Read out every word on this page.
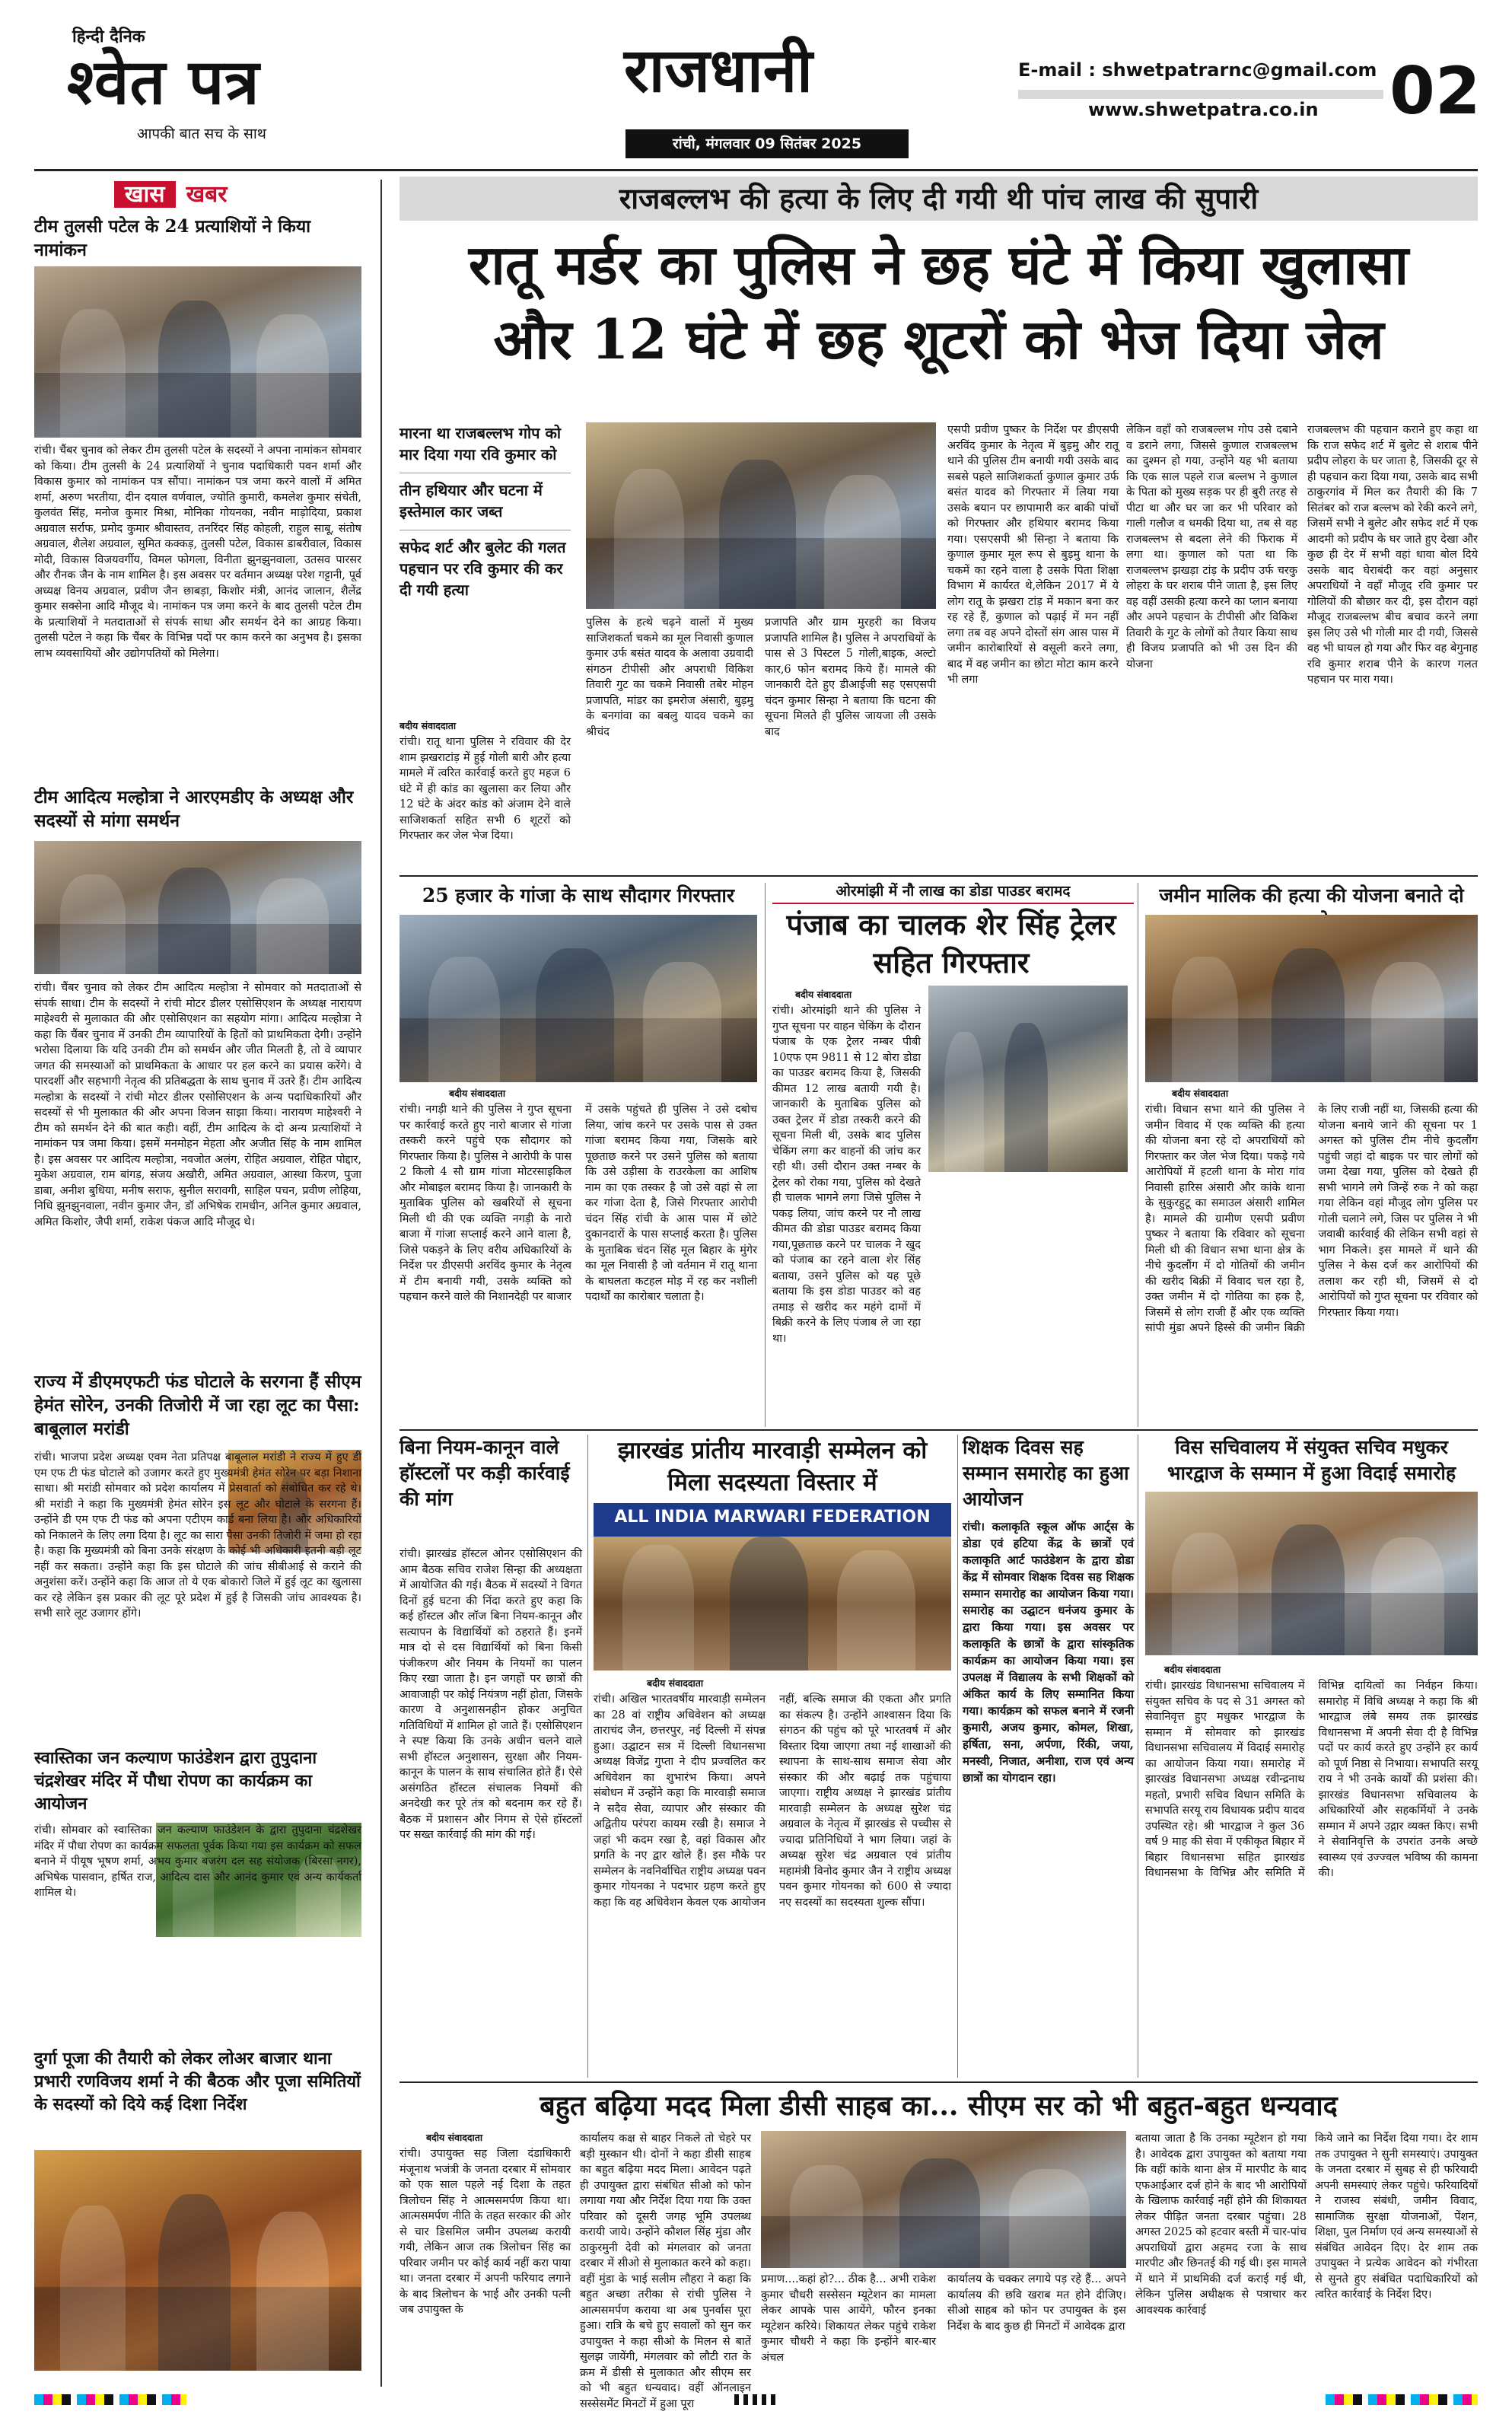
हिन्दी दैनिक
श्वेत पत्र
आपकी बात सच के साथ
राजधानी
रांची, मंगलवार 09 सितंबर 2025
E-mail : shwetpatrarnc@gmail.com
www.shwetpatra.co.in 02
खास खबर
टीम तुलसी पटेल के 24 प्रत्याशियों ने किया नामांकन
रांची। चैंबर चुनाव को लेकर टीम तुलसी पटेल के सदस्यों ने अपना नामांकन सोमवार को किया। टीम तुलसी के 24 प्रत्याशियों ने चुनाव पदाधिकारी पवन शर्मा और विकास कुमार को नामांकन पत्र सौंपा। नामांकन पत्र जमा करने वालों में अमित शर्मा, अरुण भरतीया, दीन दयाल वर्णवाल, ज्योति कुमारी, कमलेश कुमार संचेती, कुलवंत सिंह, मनोज कुमार मिश्रा, मोनिका गोयनका, नवीन माड़ोदिया, प्रकाश अग्रवाल सर्राफ, प्रमोद कुमार श्रीवास्तव, तनरिंदर सिंह कोहली, राहुल साबू, संतोष अग्रवाल, शैलेश अग्रवाल, सुमित कक्कड़, तुलसी पटेल, विकास डाबरीवाल, विकास मोदी, विकास विजयवर्गीय, विमल फोगला, विनीता झुनझुनवाला, उतसव पारसर और रौनक जैन के नाम शामिल है। इस अवसर पर वर्तमान अध्यक्ष परेश गट्टानी, पूर्व अध्यक्ष विनय अग्रवाल, प्रवीण जैन छाबड़ा, किशोर मंत्री, आनंद जालान, शैलेंद्र कुमार सक्सेना आदि मौजूद थे। नामांकन पत्र जमा करने के बाद तुलसी पटेल टीम के प्रत्याशियों ने मतदाताओं से संपर्क साधा और समर्थन देने का आग्रह किया। तुलसी पटेल ने कहा कि चैंबर के विभिन्न पदों पर काम करने का अनुभव है। इसका लाभ व्यवसायियों और उद्योगपतियों को मिलेगा।
टीम आदित्य मल्होत्रा ने आरएमडीए के अध्यक्ष और सदस्यों से मांगा समर्थन
रांची। चैंबर चुनाव को लेकर टीम आदित्य मल्होत्रा ने सोमवार को मतदाताओं से संपर्क साधा। टीम के सदस्यों ने रांची मोटर डीलर एसोसिएशन के अध्यक्ष नारायण माहेश्वरी से मुलाकात की और एसोसिएशन का सहयोग मांगा। आदित्य मल्होत्रा ने कहा कि चैंबर चुनाव में उनकी टीम व्यापारियों के हितों को प्राथमिकता देगी। उन्होंने भरोसा दिलाया कि यदि उनकी टीम को समर्थन और जीत मिलती है, तो वे व्यापार जगत की समस्याओं को प्राथमिकता के आधार पर हल करने का प्रयास करेंगे। वे पारदर्शी और सहभागी नेतृत्व की प्रतिबद्धता के साथ चुनाव में उतरे हैं। टीम आदित्य मल्होत्रा के सदस्यों ने रांची मोटर डीलर एसोसिएशन के अन्य पदाधिकारियों और सदस्यों से भी मुलाकात की और अपना विजन साझा किया। नारायण माहेश्वरी ने टीम को समर्थन देने की बात कही। वहीं, टीम आदित्य के दो अन्य प्रत्याशियों ने नामांकन पत्र जमा किया। इसमें मनमोहन मेहता और अजीत सिंह के नाम शामिल है। इस अवसर पर आदित्य मल्होत्रा, नवजोत अलंग, रोहित अग्रवाल, रोहित पोद्दार, मुकेश अग्रवाल, राम बांगड़, संजय अखौरी, अमित अग्रवाल, आस्था किरण, पुजा डाबा, अनीश बुधिया, मनीष सराफ, सुनील सरावगी, साहिल पचन, प्रवीण लोहिया, निधि झुनझुनवाला, नवीन कुमार जैन, डॉ अभिषेक रामधीन, अनिल कुमार अग्रवाल, अमित किशोर, जैपी शर्मा, राकेश पंकज आदि मौजूद थे।
राज्य में डीएमएफटी फंड घोटाले के सरगना हैं सीएम हेमंत सोरेन, उनकी तिजोरी में जा रहा लूट का पैसा: बाबूलाल मरांडी
रांची। भाजपा प्रदेश अध्यक्ष एवम नेता प्रतिपक्ष बाबूलाल मरांडी ने राज्य में हुए डी एम एफ टी फंड घोटाले को उजागर करते हुए मुख्यमंत्री हेमंत सोरेन पर बड़ा निशाना साधा। श्री मरांडी सोमवार को प्रदेश कार्यालय में प्रेसवार्ता को संबोधित कर रहे थे। श्री मरांडी ने कहा कि मुख्यमंत्री हेमंत सोरेन इस लूट और घोटाले के सरगना हैं। उन्होंने डी एम एफ टी फंड को अपना एटीएम कार्ड बना लिया है। और अधिकारियों को निकालने के लिए लगा दिया है। लूट का सारा पैसा उनकी तिजोरी में जमा हो रहा है। कहा कि मुख्यमंत्री को बिना उनके संरक्षण के कोई भी अधिकारी इतनी बड़ी लूट नहीं कर सकता। उन्होंने कहा कि इस घोटाले की जांच सीबीआई से कराने की अनुशंसा करें। उन्होंने कहा कि आज तो ये एक बोकारो जिले में हुई लूट का खुलासा कर रहे लेकिन इस प्रकार की लूट पूरे प्रदेश में हुई है जिसकी जांच आवश्यक है। सभी सारे लूट उजागर होंगे।
स्वास्तिका जन कल्याण फाउंडेशन द्वारा तुपुदाना चंद्रशेखर मंदिर में पौधा रोपण का कार्यक्रम का आयोजन
रांची। सोमवार को स्वास्तिका जन कल्याण फाउंडेशन के द्वारा तुपुदाना चंद्रशेखर मंदिर में पौधा रोपण का कार्यक्रम सफलता पूर्वक किया गया इस कार्यक्रम को सफल बनाने में पीयूष भूषण शर्मा, अभय कुमार बजरंग दल सह संयोजक (बिरसा नगर), अभिषेक पासवान, हर्षित राज, आदित्य दास और आनंद कुमार एवं अन्य कार्यकर्ता शामिल थे।
दुर्गा पूजा की तैयारी को लेकर लोअर बाजार थाना प्रभारी रणविजय शर्मा ने की बैठक और पूजा समितियों के सदस्यों को दिये कई दिशा निर्देश
राजबल्लभ की हत्या के लिए दी गयी थी पांच लाख की सुपारी
रातू मर्डर का पुलिस ने छह घंटे में किया खुलासा
और 12 घंटे में छह शूटरों को भेज दिया जेल
मारना था राजबल्लभ गोप को मार दिया गया रवि कुमार को
तीन हथियार और घटना में इस्तेमाल कार जब्त
सफेद शर्ट और बुलेट की गलत पहचान पर रवि कुमार की कर दी गयी हत्या
बदीय संवाददाता
रांची। रातू थाना पुलिस ने रविवार की देर शाम झखराटांड़ में हुई गोली बारी और हत्या मामले में त्वरित कार्रवाई करते हुए महज 6 घंटे में ही कांड का खुलासा कर लिया और 12 घंटे के अंदर कांड को अंजाम देने वाले साजिशकर्ता सहित सभी 6 शूटरों को गिरफ्तार कर जेल भेज दिया।
पुलिस के हत्थे चढ़ने वालों में मुख्य साजिशकर्ता चकमे का मूल निवासी कुणाल कुमार उर्फ बसंत यादव के अलावा उग्रवादी संगठन टीपीसी और अपराधी विकिश तिवारी गुट का चकमे निवासी तबेर मोहन प्रजापति, मांडर का इमरोज अंसारी, बुड़मु के बनगांवा का बबलु यादव चकमे का श्रीचंद
प्रजापति और ग्राम मुरहरी का विजय प्रजापति शामिल है। पुलिस ने अपराधियों के पास से 3 पिस्टल 5 गोली,बाइक, अल्टो कार,6 फोन बरामद किये हैं। मामले की जानकारी देते हुए डीआईजी सह एसएसपी चंदन कुमार सिन्हा ने बताया कि घटना की सूचना मिलते ही पुलिस जायजा ली उसके बाद
एसपी प्रवीण पुष्कर के निर्देश पर डीएसपी अरविंद कुमार के नेतृत्व में बुड़मु और रातू थाने की पुलिस टीम बनायी गयी उसके बाद सबसे पहले साजिशकर्ता कुणाल कुमार उर्फ बसंत यादव को गिरफ्तार में लिया गया उसके बयान पर छापामारी कर बाकी पांचों को गिरफ्तार और हथियार बरामद किया गया। एसएसपी श्री सिन्हा ने बताया कि कुणाल कुमार मूल रूप से बुड़मु थाना के चकमें का रहने वाला है उसके पिता शिक्षा विभाग में कार्यरत थे,लेकिन 2017 में ये लोग रातू के झखरा टांड़ में मकान बना कर रह रहे हैं, कुणाल को पढ़ाई में मन नहीं लगा तब वह अपने दोस्तों संग आस पास में जमीन कारोबारियों से वसूली करने लगा, बाद में वह जमीन का छोटा मोटा काम करने भी लगा
लेकिन वहाँ को राजबल्लभ गोप उसे दबाने व डराने लगा, जिससे कुणाल राजबल्लभ का दुश्मन हो गया, उन्होंने यह भी बताया कि एक साल पहले राज बल्लभ ने कुणाल के पिता को मुख्य सड़क पर ही बुरी तरह से पीटा था और घर जा कर भी परिवार को गाली गलौज व धमकी दिया था, तब से वह राजबल्लभ से बदला लेने की फिराक में लगा था। कुणाल को पता था कि राजबल्लभ झखड़ा टांड़ के प्रदीप उर्फ चरकु लोहरा के घर शराब पीने जाता है, इस लिए वह वहीं उसकी हत्या करने का प्लान बनाया और अपने पहचान के टीपीसी और विकिश तिवारी के गुट के लोगों को तैयार किया साथ ही विजय प्रजापति को भी उस दिन की योजना
राजबल्लभ की पहचान कराने हुए कहा था कि राज सफेद शर्ट में बुलेट से शराब पीने प्रदीप लोहरा के घर जाता है, जिसकी दूर से ही पहचान करा दिया गया, उसके बाद सभी ठाकुरगांव में मिल कर तैयारी की कि 7 सितंबर को राज बल्लभ को रेकी करने लगे, जिसमें सभी ने बुलेट और सफेद शर्ट में एक आदमी को प्रदीप के घर जाते हुए देखा और कुछ ही देर में सभी वहां धावा बोल दिये उसके बाद घेराबंदी कर वहां अनुसार अपराधियों ने वहाँ मौजूद रवि कुमार पर गोलियों की बौछार कर दी, इस दौरान वहां मौजूद राजबल्लभ बीच बचाव करने लगा इस लिए उसे भी गोली मार दी गयी, जिससे वह भी घायल हो गया और फिर वह बेगुनाह रवि कुमार शराब पीने के कारण गलत पहचान पर मारा गया।
25 हजार के गांजा के साथ सौदागर गिरफ्तार
बदीय संवाददाता
रांची। नगड़ी थाने की पुलिस ने गुप्त सूचना पर कार्रवाई करते हुए नारो बाजार से गांजा तस्करी करने पहुंचे एक सौदागर को गिरफ्तार किया है। पुलिस ने आरोपी के पास 2 किलो 4 सौ ग्राम गांजा मोटरसाइकिल और मोबाइल बरामद किया है। जानकारी के मुताबिक पुलिस को खबरियों से सूचना मिली थी की एक व्यक्ति नगड़ी के नारो बाजा में गांजा सप्लाई करने आने वाला है, जिसे पकड़ने के लिए वरीय अधिकारियों के निर्देश पर डीएसपी अरविंद कुमार के नेतृत्व में टीम बनायी गयी, उसके व्यक्ति को पहचान करने वाले की निशानदेही पर बाजार में उसके पहुंचते ही पुलिस ने उसे दबोच लिया, जांच करने पर उसके पास से उक्त गांजा बरामद किया गया, जिसके बारे पूछताछ करने पर उसने पुलिस को बताया कि उसे उड़ीसा के राउरकेला का आशिष नाम का एक तस्कर है जो उसे वहां से ला कर गांजा देता है, जिसे गिरफ्तार आरोपी चंदन सिंह रांची के आस पास में छोटे दुकानदारों के पास सप्लाई करता है। पुलिस के मुताबिक चंदन सिंह मूल बिहार के मुंगेर का मूल निवासी है जो वर्तमान में रातू थाना के बाघलता कटहल मोड़ में रह कर नशीली पदार्थों का कारोबार चलाता है।
ओरमांझी में नौ लाख का डोडा पाउडर बरामद
पंजाब का चालक शेर सिंह ट्रेलर सहित गिरफ्तार
बदीय संवाददाता
रांची। ओरमांझी थाने की पुलिस ने गुप्त सूचना पर वाहन चेकिंग के दौरान पंजाब के एक ट्रेलर नम्बर पीबी 10एफ एम 9811 से 12 बोरा डोडा का पाउडर बरामद किया है, जिसकी कीमत 12 लाख बतायी गयी है। जानकारी के मुताबिक पुलिस को उक्त ट्रेलर में डोडा तस्करी करने की सूचना मिली थी, उसके बाद पुलिस चेकिंग लगा कर वाहनों की जांच कर रही थी। उसी दौरान उक्त नम्बर के ट्रेलर को रोका गया, पुलिस को देखते ही चालक भागने लगा जिसे पुलिस ने पकड़ लिया, जांच करने पर नौ लाख कीमत की डोडा पाउडर बरामद किया गया,पूछताछ करने पर चालक ने खुद को पंजाब का रहने वाला शेर सिंह बताया, उसने पुलिस को यह पूछे बताया कि इस डोडा पाउडर को वह तमाड़ से खरीद कर महंगे दामों में बिक्री करने के लिए पंजाब ले जा रहा था।
जमीन मालिक की हत्या की योजना बनाते दो
बदीय संवाददाता
रांची। विधान सभा थाने की पुलिस ने जमीन विवाद में एक व्यक्ति की हत्या की योजना बना रहे दो अपराधियों को गिरफ्तार कर जेल भेज दिया। पकड़े गये आरोपियों में हटली थाना के मोरा गांव निवासी हारिस अंसारी और कांके थाना के सुकुरहुटू का समाउल अंसारी शामिल है। मामले की ग्रामीण एसपी प्रवीण पुष्कर ने बताया कि रविवार को सूचना मिली थी की विधान सभा थाना क्षेत्र के नीचे कुदलौंग में दो गोतियों की जमीन की खरीद बिक्री में विवाद चल रहा है, उक्त जमीन में दो गोतिया का हक है, जिसमें से लोग राजी हैं और एक व्यक्ति सांपी मुंडा अपने हिस्से की जमीन बिक्री के लिए राजी नहीं था, जिसकी हत्या की योजना बनाये जाने की सूचना पर 1 अगस्त को पुलिस टीम नीचे कुदलौंग पहुंची जहां दो बाइक पर चार लोगों को जमा देखा गया, पुलिस को देखते ही सभी भागने लगे जिन्हें रुक ने को कहा गया लेकिन वहां मौजूद लोग पुलिस पर गोली चलाने लगे, जिस पर पुलिस ने भी जवाबी कार्रवाई की लेकिन सभी वहां से भाग निकले। इस मामले में थाने की पुलिस ने केस दर्ज कर आरोपियों की तलाश कर रही थी, जिसमें से दो आरोपियों को गुप्त सूचना पर रविवार को गिरफ्तार किया गया।
बिना नियम-कानून वाले हॉस्टलों पर कड़ी कार्रवाई की मांग
रांची। झारखंड हॉस्टल ओनर एसोसिएशन की आम बैठक सचिव राजेश सिन्हा की अध्यक्षता में आयोजित की गई। बैठक में सदस्यों ने विगत दिनों हुई घटना की निंदा करते हुए कहा कि कई हॉस्टल और लॉज बिना नियम-कानून और सत्यापन के विद्यार्थियों को ठहराते हैं। इनमें मात्र दो से दस विद्यार्थियों को बिना किसी पंजीकरण और नियम के नियमों का पालन किए रखा जाता है। इन जगहों पर छात्रों की आवाजाही पर कोई नियंत्रण नहीं होता, जिसके कारण वे अनुशासनहीन होकर अनुचित गतिविधियों में शामिल हो जाते हैं। एसोसिएशन ने स्पष्ट किया कि उनके अधीन चलने वाले सभी हॉस्टल अनुशासन, सुरक्षा और नियम-कानून के पालन के साथ संचालित होते हैं। ऐसे असंगठित हॉस्टल संचालक नियमों की अनदेखी कर पूरे तंत्र को बदनाम कर रहे हैं। बैठक में प्रशासन और निगम से ऐसे हॉस्टलों पर सख्त कार्रवाई की मांग की गई।
झारखंड प्रांतीय मारवाड़ी सम्मेलन को मिला सदस्यता विस्तार में
ALL INDIA MARWARI FEDERATION
बदीय संवाददाता
रांची। अखिल भारतवर्षीय मारवाड़ी सम्मेलन का 28 वां राष्ट्रीय अधिवेशन को अध्यक्ष ताराचंद जैन, छत्तरपुर, नई दिल्ली में संपन्न हुआ। उद्घाटन सत्र में दिल्ली विधानसभा अध्यक्ष विजेंद्र गुप्ता ने दीप प्रज्वलित कर अधिवेशन का शुभारंभ किया। अपने संबोधन में उन्होंने कहा कि मारवाड़ी समाज ने सदैव सेवा, व्यापार और संस्कार की अद्वितीय परंपरा कायम रखी है। समाज ने जहां भी कदम रखा है, वहां विकास और प्रगति के नए द्वार खोले हैं। इस मौके पर सम्मेलन के नवनिर्वाचित राष्ट्रीय अध्यक्ष पवन कुमार गोयनका ने पदभार ग्रहण करते हुए कहा कि वह अधिवेशन केवल एक आयोजन नहीं, बल्कि समाज की एकता और प्रगति का संकल्प है। उन्होंने आश्वासन दिया कि संगठन की पहुंच को पूरे भारतवर्ष में और विस्तार दिया जाएगा तथा नई शाखाओं की स्थापना के साथ-साथ समाज सेवा और संस्कार की और बढ़ाई तक पहुंचाया जाएगा। राष्ट्रीय अध्यक्ष ने झारखंड प्रांतीय मारवाड़ी सम्मेलन के अध्यक्ष सुरेश चंद्र अग्रवाल के नेतृत्व में झारखंड से पच्चीस से ज्यादा प्रतिनिधियों ने भाग लिया। जहां के अध्यक्ष सुरेश चंद्र अग्रवाल एवं प्रांतीय महामंत्री विनोद कुमार जैन ने राष्ट्रीय अध्यक्ष पवन कुमार गोयनका को 600 से ज्यादा नए सदस्यों का सदस्यता शुल्क सौंपा।
शिक्षक दिवस सह सम्मान समारोह का हुआ आयोजन
रांची। कलाकृति स्कूल ऑफ आर्ट्स के डोडा एवं हटिया केंद्र के छात्रों एवं कलाकृति आर्ट फाउंडेशन के द्वारा डोडा केंद्र में सोमवार शिक्षक दिवस सह शिक्षक सम्मान समारोह का आयोजन किया गया। समारोह का उद्घाटन धनंजय कुमार के द्वारा किया गया। इस अवसर पर कलाकृति के छात्रों के द्वारा सांस्कृतिक कार्यक्रम का आयोजन किया गया। इस उपलक्ष में विद्यालय के सभी शिक्षकों को अंकित कार्य के लिए सम्मानित किया गया। कार्यक्रम को सफल बनाने में रजनी कुमारी, अजय कुमार, कोमल, शिखा, हर्षिता, सना, अर्पणा, रिंकी, जया, मनस्वी, निजात, अनीशा, राज एवं अन्य छात्रों का योगदान रहा।
विस सचिवालय में संयुक्त सचिव मधुकर भारद्वाज के सम्मान में हुआ विदाई समारोह
बदीय संवाददाता
रांची। झारखंड विधानसभा सचिवालय में संयुक्त सचिव के पद से 31 अगस्त को सेवानिवृत्त हुए मधुकर भारद्वाज के सम्मान में सोमवार को झारखंड विधानसभा सचिवालय में विदाई समारोह का आयोजन किया गया। समारोह में झारखंड विधानसभा अध्यक्ष रवीन्द्रनाथ महतो, प्रभारी सचिव विधान समिति के सभापति सरयू राय विधायक प्रदीप यादव उपस्थित रहे। श्री भारद्वाज ने कुल 36 वर्ष 9 माह की सेवा में एकीकृत बिहार में बिहार विधानसभा सहित झारखंड विधानसभा के विभिन्न और समिति में विभिन्न दायित्वों का निर्वहन किया। समारोह में विधि अध्यक्ष ने कहा कि श्री भारद्वाज लंबे समय तक झारखंड विधानसभा में अपनी सेवा दी है विभिन्न पदों पर कार्य करते हुए उन्होंने हर कार्य को पूर्ण निष्ठा से निभाया। सभापति सरयू राय ने भी उनके कार्यों की प्रशंसा की। झारखंड विधानसभा सचिवालय के अधिकारियों और सहकर्मियों ने उनके सम्मान में अपने उद्गार व्यक्त किए। सभी ने सेवानिवृत्ति के उपरांत उनके अच्छे स्वास्थ्य एवं उज्ज्वल भविष्य की कामना की।
बहुत बढ़िया मदद मिला डीसी साहब का... सीएम सर को भी बहुत-बहुत धन्यवाद
बदीय संवाददाता
रांची। उपायुक्त सह जिला दंडाधिकारी मंजूनाथ भजंत्री के जनता दरबार में सोमवार को एक साल पहले नई दिशा के तहत त्रिलोचन सिंह ने आत्मसमर्पण किया था। आत्मसमर्पण नीति के तहत सरकार की ओर से चार डिसमिल जमीन उपलब्ध करायी गयी, लेकिन आज तक त्रिलोचन सिंह का परिवार जमीन पर कोई कार्य नहीं करा पाया था। जनता दरबार में अपनी फरियाद लगाने के बाद त्रिलोचन के भाई और उनकी पत्नी जब उपायुक्त के
कार्यालय कक्ष से बाहर निकले तो चेहरे पर बड़ी मुस्कान थी। दोनों ने कहा डीसी साहब का बहुत बढ़िया मदद मिला। आवेदन पढ़ते ही उपायुक्त द्वारा संबंधित सीओ को फोन लगाया गया और निर्देश दिया गया कि उक्त परिवार को दूसरी जगह भूमि उपलब्ध करायी जाये। उन्होंने कौशल सिंह मुंडा और ठाकुरमुनी देवी को मंगलवार को जनता दरबार में सीओ से मुलाकात करने को कहा। वहीं मुंडा के भाई सलीम लौहरा ने कहा कि बहुत अच्छा तरीका से रांची पुलिस ने आत्मसमर्पण कराया था अब पुनर्वास पूरा हुआ। रात्रि के बचे हुए सवालों को सुन कर उपायुक्त ने कहा सीओ के मिलन से बातें सुलझ जायेंगी, मंगलवार को लौटी रात के क्रम में डीसी से मुलाकात और सीएम सर को भी बहुत धन्यवाद। वहीं ऑनलाइन सस्सेसमेंट मिनटों में हुआ पूरा
प्रमाण....कहां हो?... ठीक है... अभी राकेश कुमार चौधरी सस्सेसन म्यूटेशन का मामला लेकर आपके पास आयेंगे, फौरन इनका म्यूटेशन करिये। शिकायत लेकर पहुंचे राकेश कुमार चौधरी ने कहा कि इन्होंने बार-बार अंचल
कार्यालय के चक्कर लगाये पड़ रहे हैं... अपने कार्यालय की छवि खराब मत होने दीजिए। सीओ साहब को फोन पर उपायुक्त के इस निर्देश के बाद कुछ ही मिनटों में आवेदक द्वारा
बताया जाता है कि उनका म्यूटेशन हो गया है। आवेदक द्वारा उपायुक्त को बताया गया कि वहीं कांके थाना क्षेत्र में मारपीट के बाद एफआईआर दर्ज होने के बाद भी आरोपियों के खिलाफ कार्रवाई नहीं होने की शिकायत लेकर पीड़ित जनता दरबार पहुंचा। 28 अगस्त 2025 को हटवार बस्ती में चार-पांच अपराधियों द्वारा अहमद रजा के साथ मारपीट और छिनतई की गई थी। इस मामले में थाने में प्राथमिकी दर्ज कराई गई थी, लेकिन पुलिस अधीक्षक से पत्राचार कर आवश्यक कार्रवाई
किये जाने का निर्देश दिया गया। देर शाम तक उपायुक्त ने सुनी समस्याएं। उपायुक्त के जनता दरबार में सुबह से ही फरियादी अपनी समस्याएं लेकर पहुंचे। फरियादियों ने राजस्व संबंधी, जमीन विवाद, सामाजिक सुरक्षा योजनाओं, पेंशन, शिक्षा, पुल निर्माण एवं अन्य समस्याओं से संबंधित आवेदन दिए। देर शाम तक उपायुक्त ने प्रत्येक आवेदन को गंभीरता से सुनते हुए संबंधित पदाधिकारियों को त्वरित कार्रवाई के निर्देश दिए।
